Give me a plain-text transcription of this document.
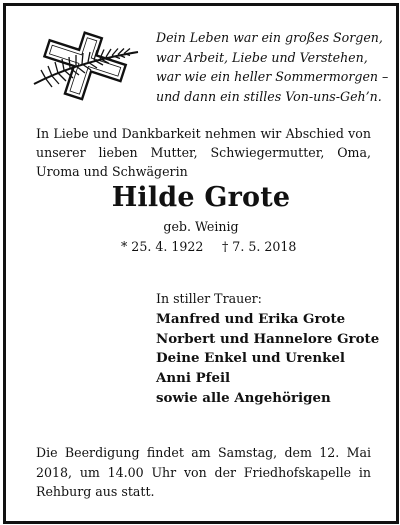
Dein Leben war ein großes Sorgen,
war Arbeit, Liebe und Verstehen,
war wie ein heller Sommermorgen –
und dann ein stilles Von-uns-Geh’n.
In Liebe und Dankbarkeit nehmen wir Abschied von unserer lieben Mutter, Schwiegermutter, Oma, Uroma und Schwägerin
Hilde Grote
geb. Weinig
* 25. 4. 1922 † 7. 5. 2018
In stiller Trauer:
Manfred und Erika Grote
Norbert und Hannelore Grote
Deine Enkel und Urenkel
Anni Pfeil
sowie alle Angehörigen
Die Beerdigung findet am Samstag, dem 12. Mai 2018, um 14.00 Uhr von der Friedhofskapelle in Rehburg aus statt.
